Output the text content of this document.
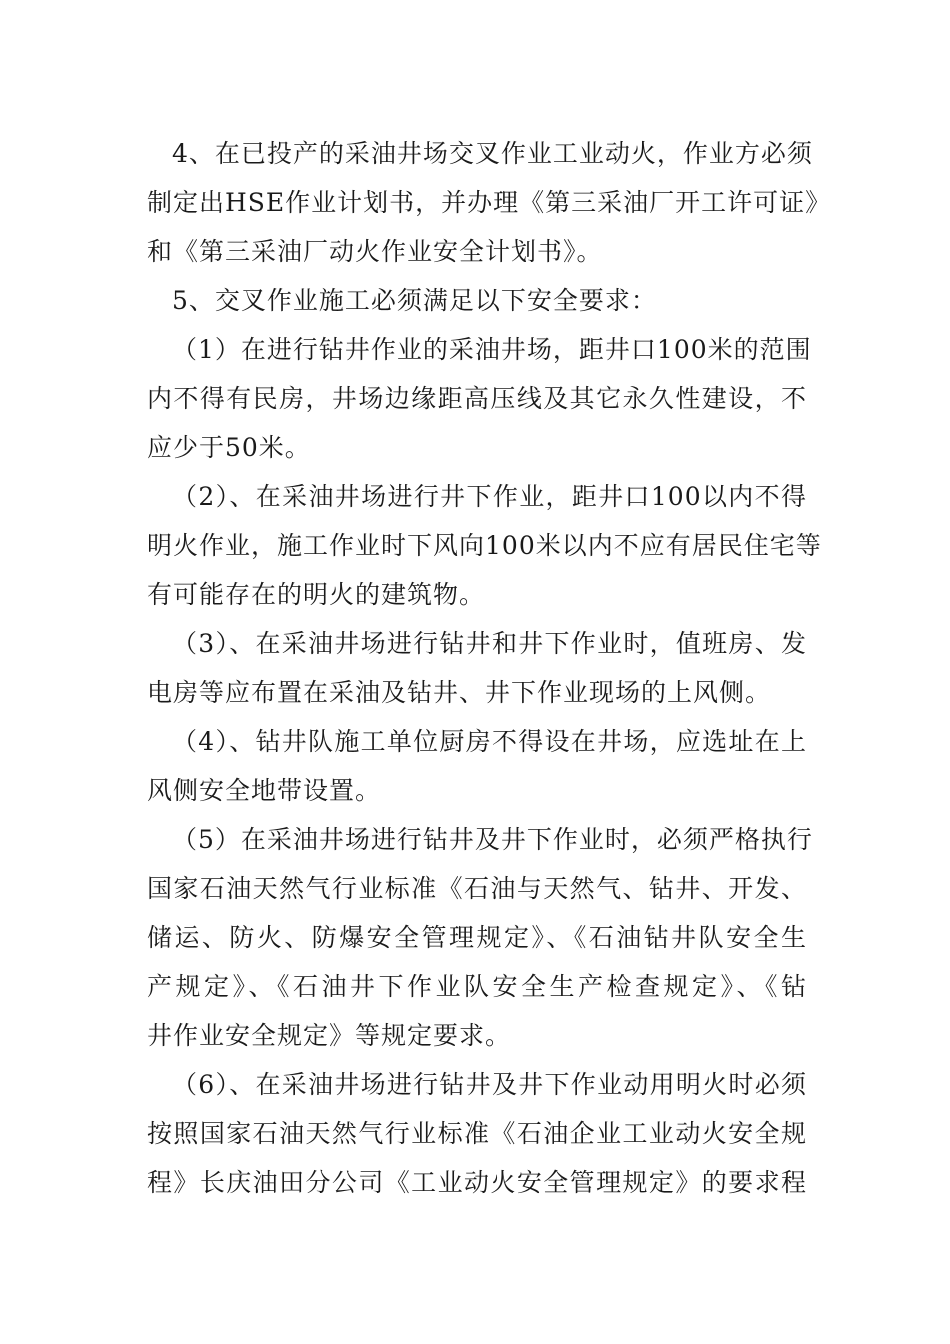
4、在已投产的采油井场交叉作业工业动火，作业方必须
制定出HSE作业计划书，并办理《第三采油厂开工许可证》
和《第三采油厂动火作业安全计划书》。
5、交叉作业施工必须满足以下安全要求：
（1）在进行钻井作业的采油井场，距井口100米的范围
内不得有民房，井场边缘距高压线及其它永久性建设，不
应少于50米。
（2）、在采油井场进行井下作业，距井口100以内不得
明火作业，施工作业时下风向100米以内不应有居民住宅等
有可能存在的明火的建筑物。
（3）、在采油井场进行钻井和井下作业时，值班房、发
电房等应布置在采油及钻井、井下作业现场的上风侧。
（4）、钻井队施工单位厨房不得设在井场，应选址在上
风侧安全地带设置。
（5）在采油井场进行钻井及井下作业时，必须严格执行
国家石油天然气行业标准《石油与天然气、钻井、开发、
储运、防火、防爆安全管理规定》、《石油钻井队安全生
产规定》、《石油井下作业队安全生产检查规定》、《钻
井作业安全规定》等规定要求。
（6）、在采油井场进行钻井及井下作业动用明火时必须
按照国家石油天然气行业标准《石油企业工业动火安全规
程》长庆油田分公司《工业动火安全管理规定》的要求程
